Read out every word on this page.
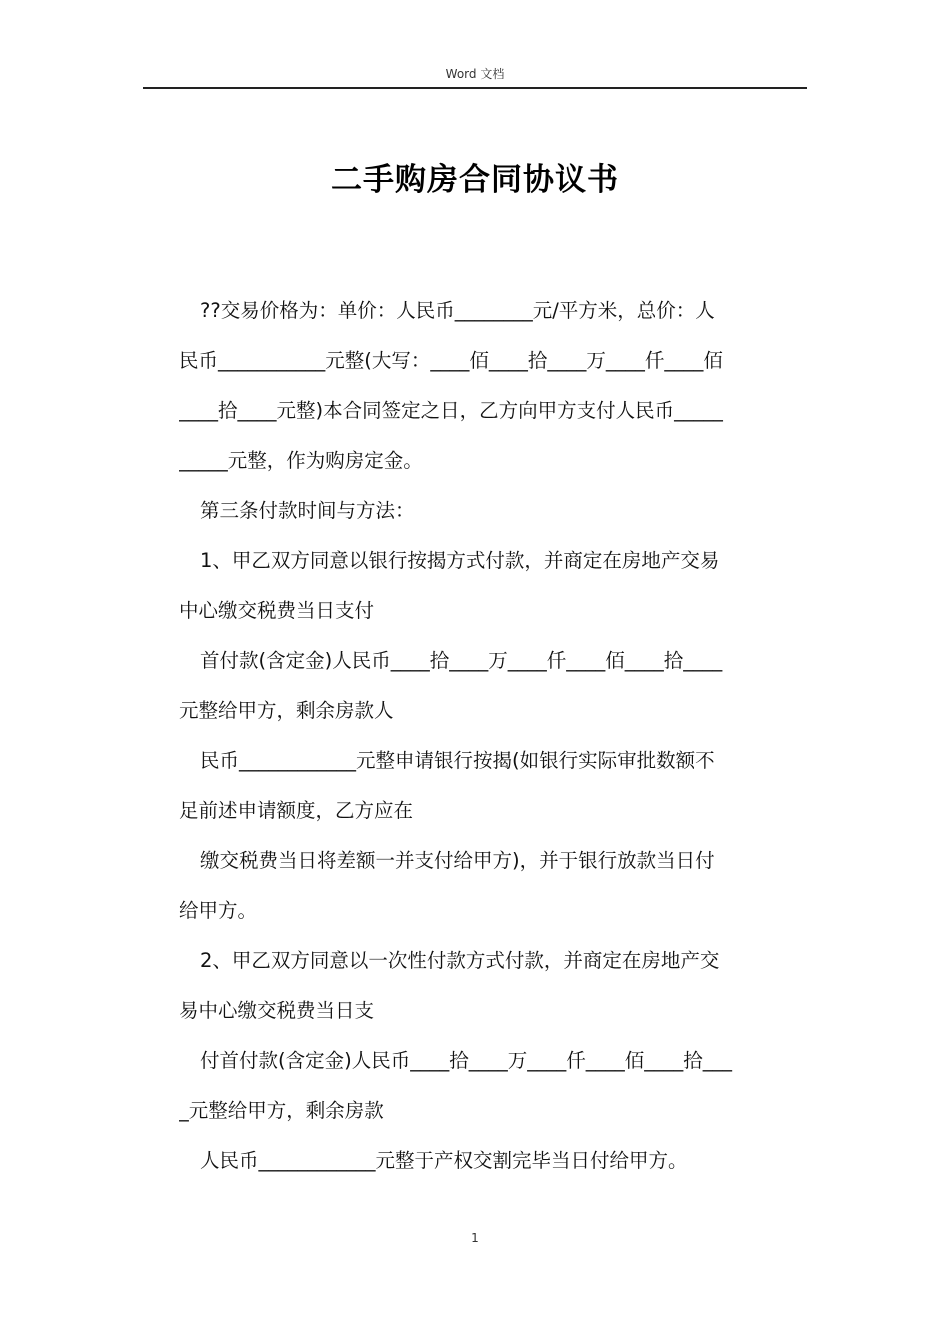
Word 文档
二手购房合同协议书
??交易价格为：单价：人民币________元/平方米，总价：人
民币___________元整(大写：____佰____拾____万____仟____佰
____拾____元整)本合同签定之日，乙方向甲方支付人民币_____
_____元整，作为购房定金。
第三条付款时间与方法：
1、甲乙双方同意以银行按揭方式付款，并商定在房地产交易
中心缴交税费当日支付
首付款(含定金)人民币____拾____万____仟____佰____拾____
元整给甲方，剩余房款人
民币____________元整申请银行按揭(如银行实际审批数额不
足前述申请额度，乙方应在
缴交税费当日将差额一并支付给甲方)，并于银行放款当日付
给甲方。
2、甲乙双方同意以一次性付款方式付款，并商定在房地产交
易中心缴交税费当日支
付首付款(含定金)人民币____拾____万____仟____佰____拾___
_元整给甲方，剩余房款
人民币____________元整于产权交割完毕当日付给甲方。
1
